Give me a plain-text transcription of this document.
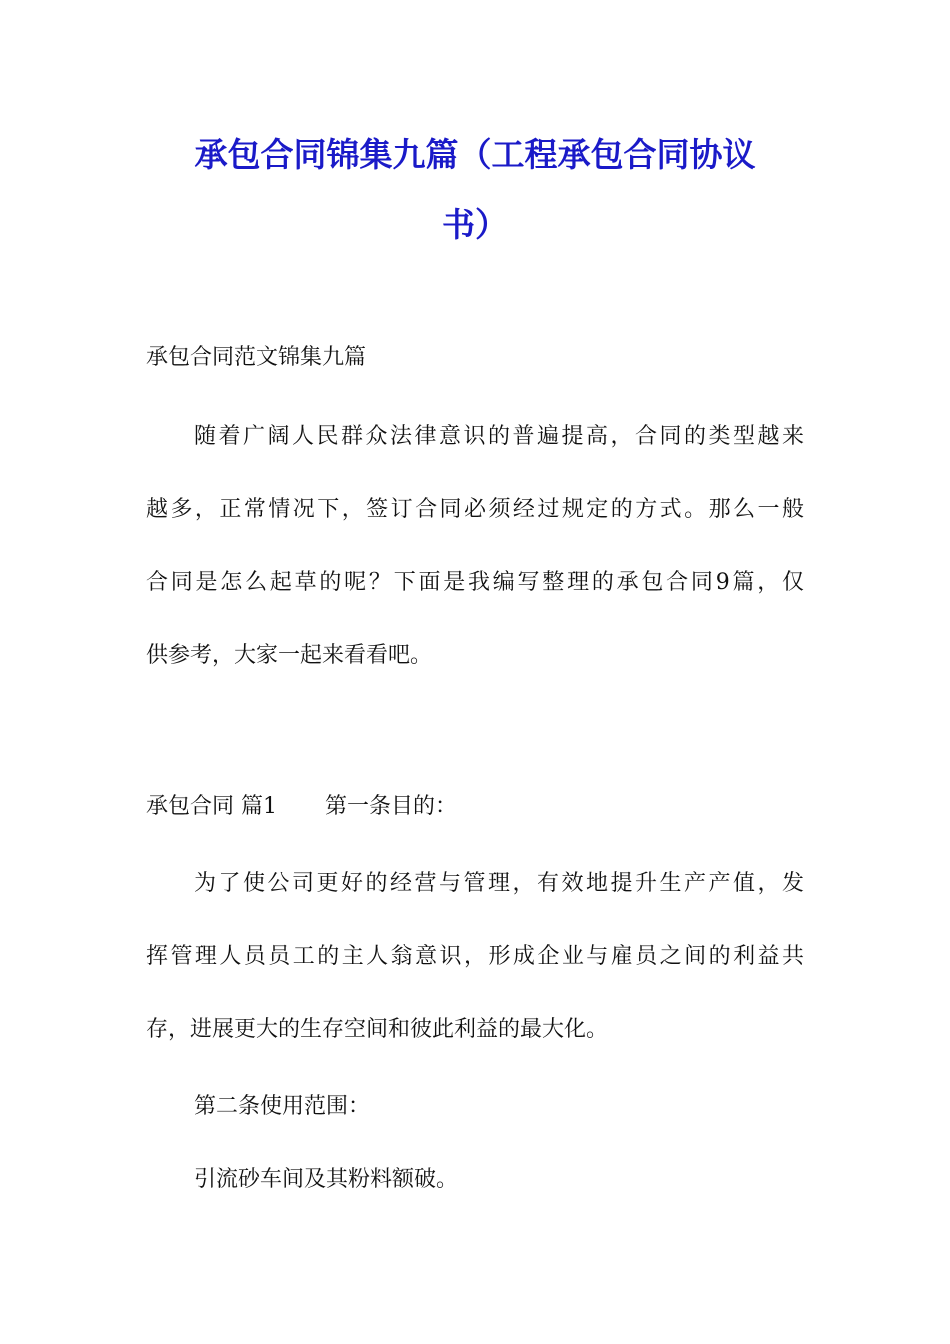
承包合同锦集九篇（工程承包合同协议
书）

承包合同范文锦集九篇

随着广阔人民群众法律意识的普遍提高，合同的类型越来

越多，正常情况下，签订合同必须经过规定的方式。那么一般

合同是怎么起草的呢？下面是我编写整理的承包合同9篇，仅

供参考，大家一起来看看吧。

承包合同 篇1 第一条目的：

为了使公司更好的经营与管理，有效地提升生产产值，发

挥管理人员员工的主人翁意识，形成企业与雇员之间的利益共

存，进展更大的生存空间和彼此利益的最大化。

第二条使用范围：

引流砂车间及其粉料额破。
